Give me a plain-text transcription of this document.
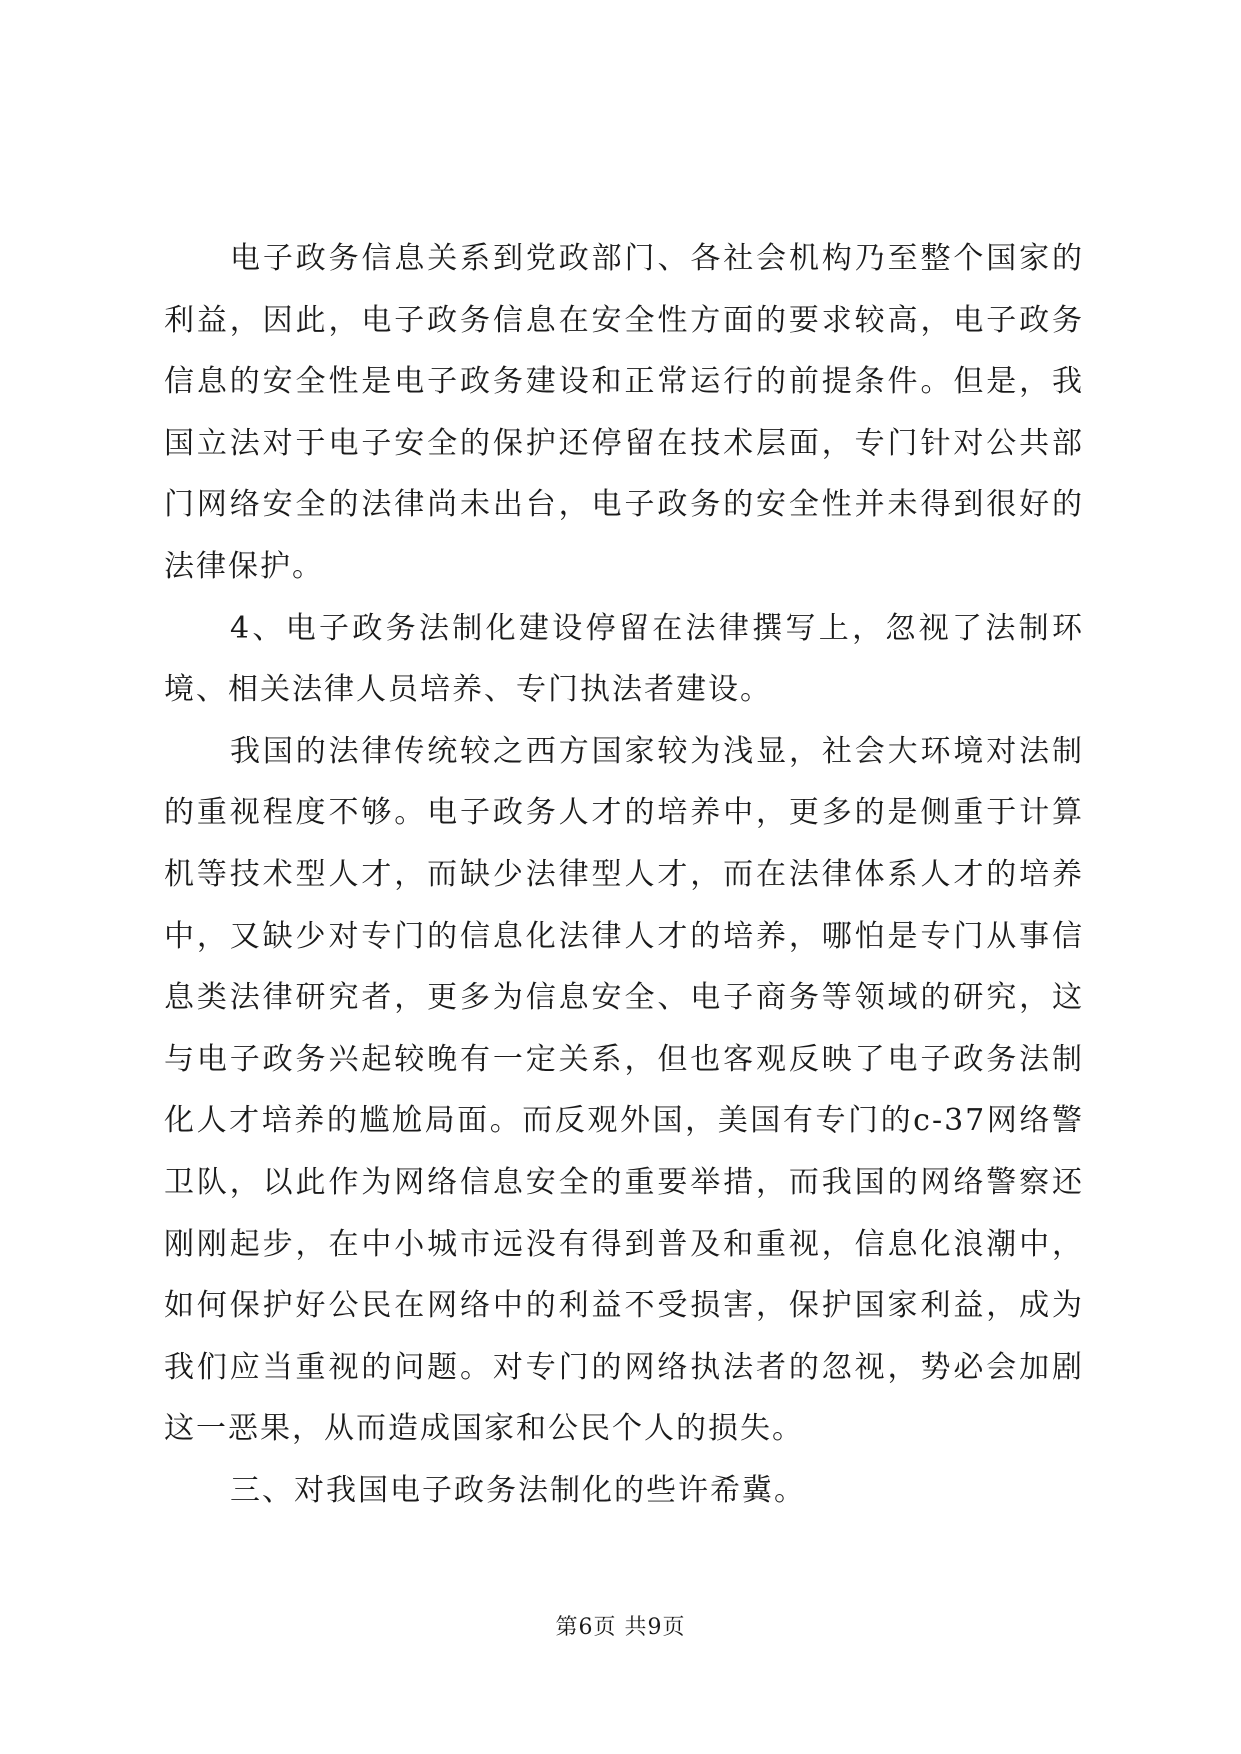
电子政务信息关系到党政部门、各社会机构乃至整个国家的利益，因此，电子政务信息在安全性方面的要求较高，电子政务信息的安全性是电子政务建设和正常运行的前提条件。但是，我国立法对于电子安全的保护还停留在技术层面，专门针对公共部门网络安全的法律尚未出台，电子政务的安全性并未得到很好的法律保护。

4、电子政务法制化建设停留在法律撰写上，忽视了法制环境、相关法律人员培养、专门执法者建设。

我国的法律传统较之西方国家较为浅显，社会大环境对法制的重视程度不够。电子政务人才的培养中，更多的是侧重于计算机等技术型人才，而缺少法律型人才，而在法律体系人才的培养中，又缺少对专门的信息化法律人才的培养，哪怕是专门从事信息类法律研究者，更多为信息安全、电子商务等领域的研究，这与电子政务兴起较晚有一定关系，但也客观反映了电子政务法制化人才培养的尴尬局面。而反观外国，美国有专门的c-37网络警卫队，以此作为网络信息安全的重要举措，而我国的网络警察还刚刚起步，在中小城市远没有得到普及和重视，信息化浪潮中，如何保护好公民在网络中的利益不受损害，保护国家利益，成为我们应当重视的问题。对专门的网络执法者的忽视，势必会加剧这一恶果，从而造成国家和公民个人的损失。

三、对我国电子政务法制化的些许希冀。

第6页 共9页
